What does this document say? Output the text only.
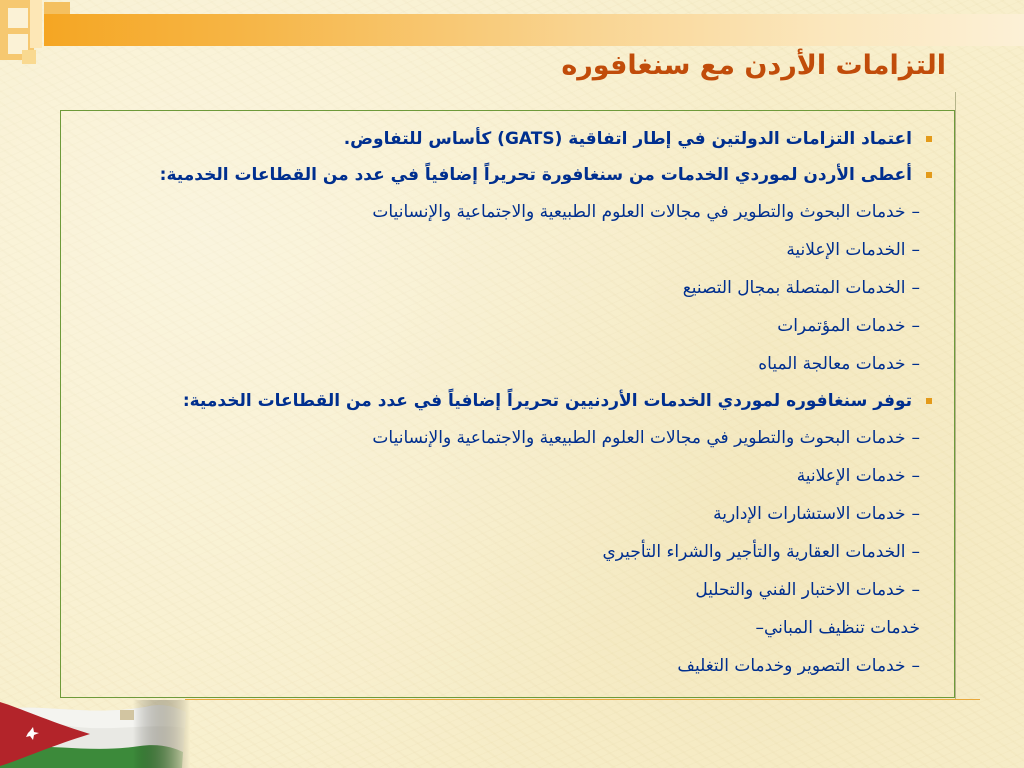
التزامات الأردن مع سنغافوره
اعتماد التزامات الدولتين في إطار اتفاقية (GATS) كأساس للتفاوض.
أعطى الأردن لموردي الخدمات من سنغافورة تحريراً إضافياً في عدد من القطاعات الخدمية:
–خدمات البحوث والتطوير في مجالات العلوم الطبيعية والاجتماعية والإنسانيات
–الخدمات الإعلانية
–الخدمات المتصلة بمجال التصنيع
–خدمات المؤتمرات
–خدمات معالجة المياه
توفر سنغافوره لموردي الخدمات الأردنيين تحريراً إضافياً في عدد من القطاعات الخدمية:
–خدمات البحوث والتطوير في مجالات العلوم الطبيعية والاجتماعية والإنسانيات
–خدمات الإعلانية
–خدمات الاستشارات الإدارية
–الخدمات العقارية والتأجير والشراء التأجيري
–خدمات الاختبار الفني والتحليل
خدمات تنظيف المباني–
–خدمات التصوير وخدمات التغليف
